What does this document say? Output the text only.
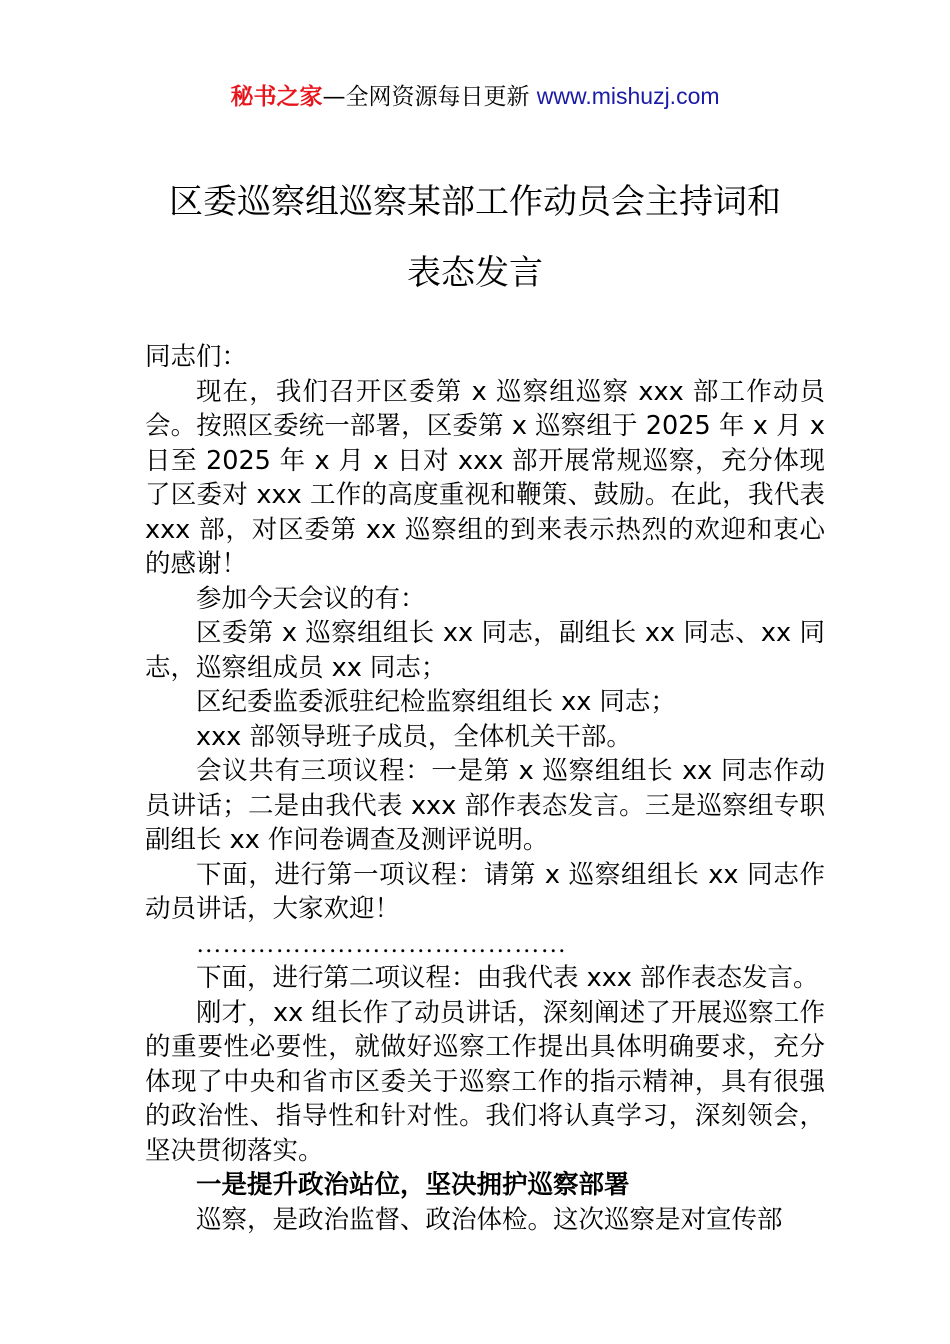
秘书之家—全网资源每日更新 www.mishuzj.com
区委巡察组巡察某部工作动员会主持词和
表态发言

同志们：

现在，我们召开区委第 x 巡察组巡察 xxx 部工作动员会。按照区委统一部署，区委第 x 巡察组于 2025 年 x 月 x 日至 2025 年 x 月 x 日对 xxx 部开展常规巡察，充分体现了区委对 xxx 工作的高度重视和鞭策、鼓励。在此，我代表 xxx 部，对区委第 xx 巡察组的到来表示热烈的欢迎和衷心的感谢！

参加今天会议的有：

区委第 x 巡察组组长 xx 同志，副组长 xx 同志、xx 同志，巡察组成员 xx 同志；

区纪委监委派驻纪检监察组组长 xx 同志；

xxx 部领导班子成员，全体机关干部。

会议共有三项议程：一是第 x 巡察组组长 xx 同志作动员讲话；二是由我代表 xxx 部作表态发言。三是巡察组专职副组长 xx 作问卷调查及测评说明。

下面，进行第一项议程：请第 x 巡察组组长 xx 同志作动员讲话，大家欢迎！

……………………………………

下面，进行第二项议程：由我代表 xxx 部作表态发言。

刚才，xx 组长作了动员讲话，深刻阐述了开展巡察工作的重要性必要性，就做好巡察工作提出具体明确要求，充分体现了中央和省市区委关于巡察工作的指示精神，具有很强的政治性、指导性和针对性。我们将认真学习，深刻领会，坚决贯彻落实。

一是提升政治站位，坚决拥护巡察部署

巡察，是政治监督、政治体检。这次巡察是对宣传部
